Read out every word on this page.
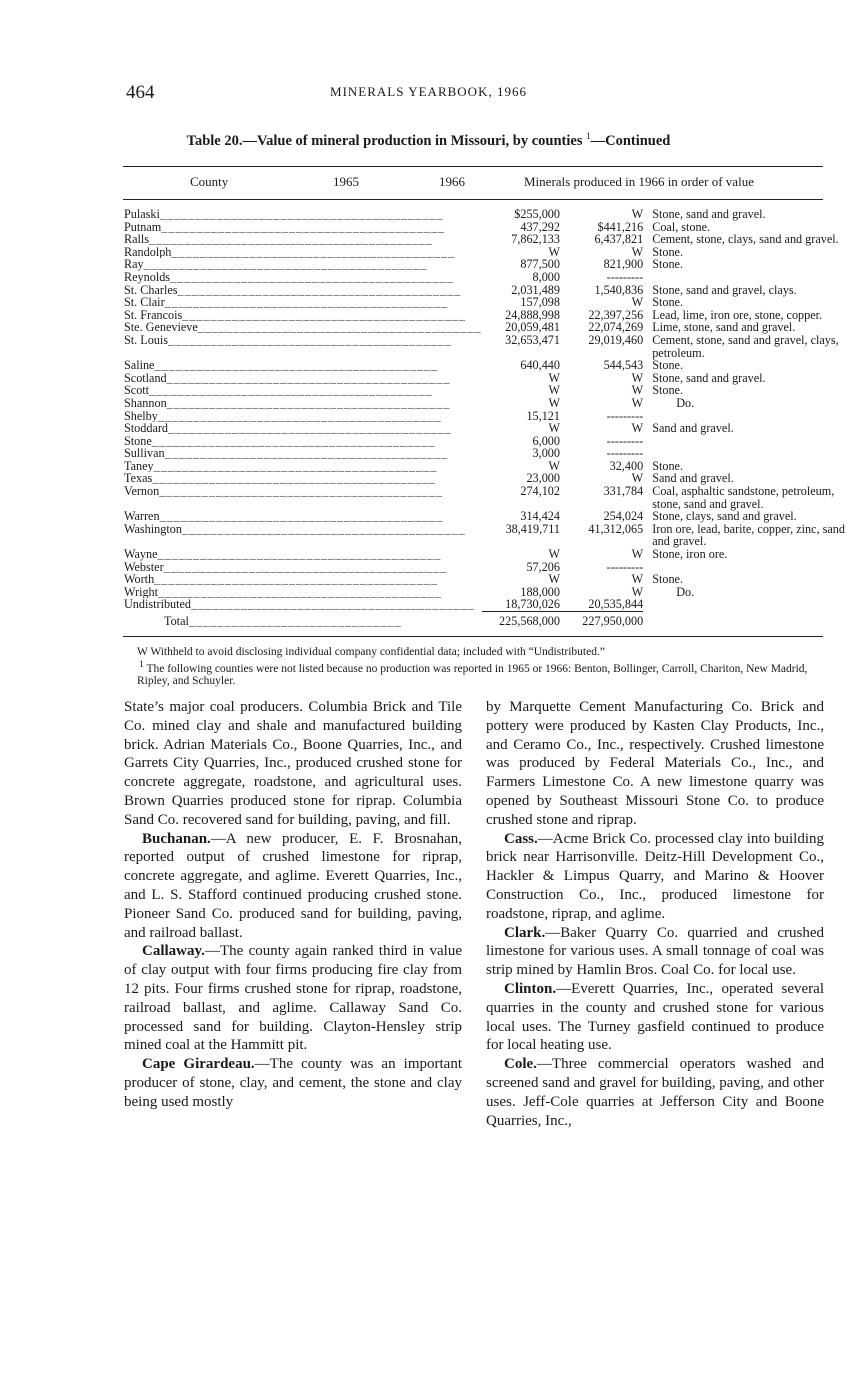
464	MINERALS YEARBOOK, 1966
Table 20.—Value of mineral production in Missouri, by counties $^1$—Continued
County	1965	1966	Minerals produced in 1966 in order of value
Pulaski________________________________________	$255,000	W	Stone, sand and gravel.
Putnam________________________________________	437,292	$441,216	Coal, stone.
Ralls________________________________________	7,862,133	6,437,821	Cement, stone, clays, sand and gravel.
Randolph________________________________________	W	W	Stone.
Ray________________________________________	877,500	821,900	Stone.
Reynolds________________________________________	8,000	---------	
St. Charles________________________________________	2,031,489	1,540,836	Stone, sand and gravel, clays.
St. Clair________________________________________	157,098	W	Stone.
St. Francois________________________________________	24,888,998	22,397,256	Lead, lime, iron ore, stone, copper.
Ste. Genevieve________________________________________	20,059,481	22,074,269	Lime, stone, sand and gravel.
St. Louis________________________________________	32,653,471	29,019,460	Cement, stone, sand and gravel, clays, petroleum.
Saline________________________________________	640,440	544,543	Stone.
Scotland________________________________________	W	W	Stone, sand and gravel.
Scott________________________________________	W	W	Stone.
Shannon________________________________________	W	W	Do.
Shelby________________________________________	15,121	---------	
Stoddard________________________________________	W	W	Sand and gravel.
Stone________________________________________	6,000	---------	
Sullivan________________________________________	3,000	---------	
Taney________________________________________	W	32,400	Stone.
Texas________________________________________	23,000	W	Sand and gravel.
Vernon________________________________________	274,102	331,784	Coal, asphaltic sandstone, petroleum, stone, sand and gravel.
Warren________________________________________	314,424	254,024	Stone, clays, sand and gravel.
Washington________________________________________	38,419,711	41,312,065	Iron ore, lead, barite, copper, zinc, sand and gravel.
Wayne________________________________________	W	W	Stone, iron ore.
Webster________________________________________	57,206	---------	
Worth________________________________________	W	W	Stone.
Wright________________________________________	188,000	W	Do.
Undistributed________________________________________	18,730,026	20,535,844	
Total______________________________	225,568,000	227,950,000	

W Withheld to avoid disclosing individual company confidential data; included with “Undistributed.”

$^1$ The following counties were not listed because no production was reported in 1965 or 1966: Benton, Bollinger, Carroll, Chariton, New Madrid, Ripley, and Schuyler.

State’s major coal producers. Columbia Brick and Tile Co. mined clay and shale and manufactured building brick. Adrian Materials Co., Boone Quarries, Inc., and Garrets City Quarries, Inc., produced crushed stone for concrete aggregate, roadstone, and agricultural uses. Brown Quarries produced stone for riprap. Columbia Sand Co. recovered sand for building, paving, and fill.

Buchanan.—A new producer, E. F. Brosnahan, reported output of crushed limestone for riprap, concrete aggregate, and aglime. Everett Quarries, Inc., and L. S. Stafford continued producing crushed stone. Pioneer Sand Co. produced sand for building, paving, and railroad ballast.

Callaway.—The county again ranked third in value of clay output with four firms producing fire clay from 12 pits. Four firms crushed stone for riprap, roadstone, railroad ballast, and aglime. Callaway Sand Co. processed sand for building. Clayton-Hensley strip mined coal at the Hammitt pit.

Cape Girardeau.—The county was an important producer of stone, clay, and cement, the stone and clay being used mostly

by Marquette Cement Manufacturing Co. Brick and pottery were produced by Kasten Clay Products, Inc., and Ceramo Co., Inc., respectively. Crushed limestone was produced by Federal Materials Co., Inc., and Farmers Limestone Co. A new limestone quarry was opened by Southeast Missouri Stone Co. to produce crushed stone and riprap.

Cass.—Acme Brick Co. processed clay into building brick near Harrisonville. Deitz-Hill Development Co., Hackler & Limpus Quarry, and Marino & Hoover Construction Co., Inc., produced limestone for roadstone, riprap, and aglime.

Clark.—Baker Quarry Co. quarried and crushed limestone for various uses. A small tonnage of coal was strip mined by Hamlin Bros. Coal Co. for local use.

Clinton.—Everett Quarries, Inc., operated several quarries in the county and crushed stone for various local uses. The Turney gasfield continued to produce for local heating use.

Cole.—Three commercial operators washed and screened sand and gravel for building, paving, and other uses. Jeff-Cole quarries at Jefferson City and Boone Quarries, Inc.,
